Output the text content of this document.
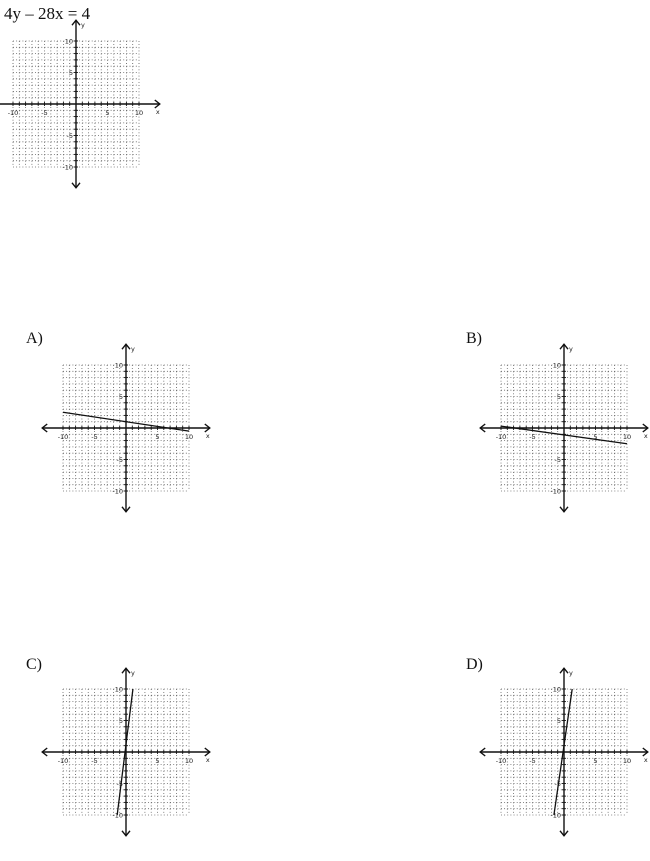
4y – 28x = 4
-10	-5	5	10
10
5
-5
-10
x
y
A)
-10	-5	5	10
10
5
-5
-10
x
y
B)
-10	-5	5	10
10
5
-5
-10
x
y
C)
-10	-5	5	10
10
5
-5
-10
x
y
D)
-10	-5	5	10
10
5
-5
-10
x
y
